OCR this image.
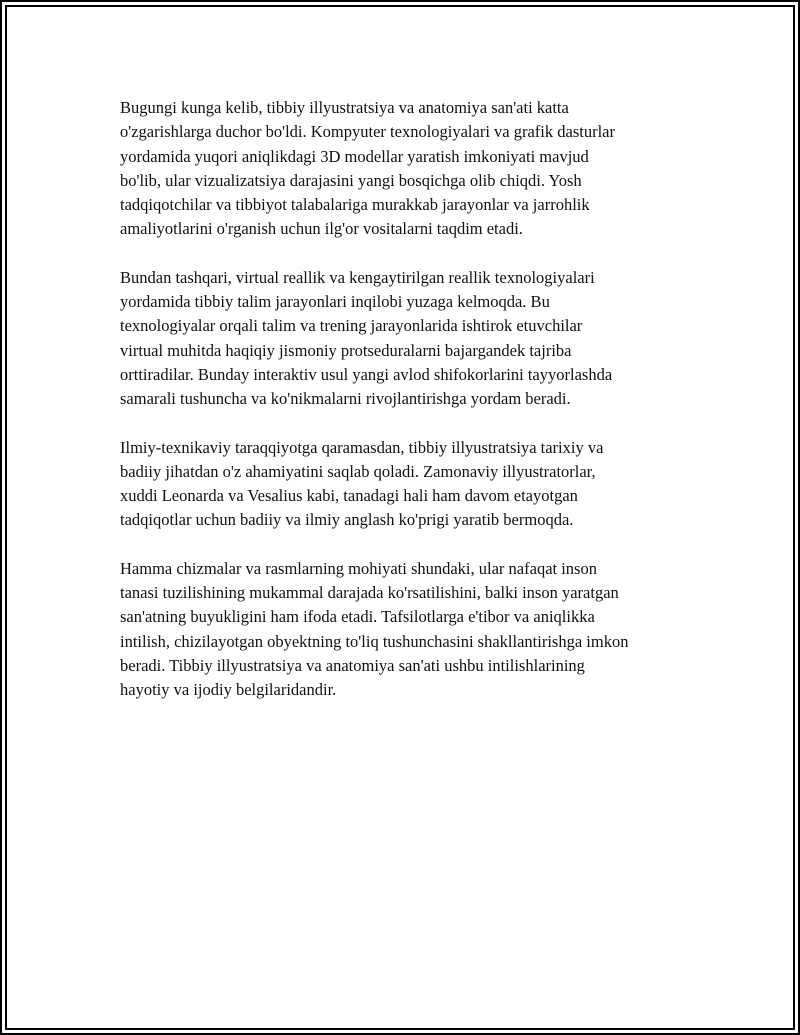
Bugungi kunga kelib, tibbiy illyustratsiya va anatomiya san'ati katta
o'zgarishlarga duchor bo'ldi. Kompyuter texnologiyalari va grafik dasturlar
yordamida yuqori aniqlikdagi 3D modellar yaratish imkoniyati mavjud
bo'lib, ular vizualizatsiya darajasini yangi bosqichga olib chiqdi. Yosh
tadqiqotchilar va tibbiyot talabalariga murakkab jarayonlar va jarrohlik
amaliyotlarini o'rganish uchun ilg'or vositalarni taqdim etadi.

Bundan tashqari, virtual reallik va kengaytirilgan reallik texnologiyalari
yordamida tibbiy talim jarayonlari inqilobi yuzaga kelmoqda. Bu
texnologiyalar orqali talim va trening jarayonlarida ishtirok etuvchilar
virtual muhitda haqiqiy jismoniy protseduralarni bajargandek tajriba
orttiradilar. Bunday interaktiv usul yangi avlod shifokorlarini tayyorlashda
samarali tushuncha va ko'nikmalarni rivojlantirishga yordam beradi.

Ilmiy-texnikaviy taraqqiyotga qaramasdan, tibbiy illyustratsiya tarixiy va
badiiy jihatdan o'z ahamiyatini saqlab qoladi. Zamonaviy illyustratorlar,
xuddi Leonarda va Vesalius kabi, tanadagi hali ham davom etayotgan
tadqiqotlar uchun badiiy va ilmiy anglash ko'prigi yaratib bermoqda.

Hamma chizmalar va rasmlarning mohiyati shundaki, ular nafaqat inson
tanasi tuzilishining mukammal darajada ko'rsatilishini, balki inson yaratgan
san'atning buyukligini ham ifoda etadi. Tafsilotlarga e'tibor va aniqlikka
intilish, chizilayotgan obyektning to'liq tushunchasini shakllantirishga imkon
beradi. Tibbiy illyustratsiya va anatomiya san'ati ushbu intilishlarining
hayotiy va ijodiy belgilaridandir.
